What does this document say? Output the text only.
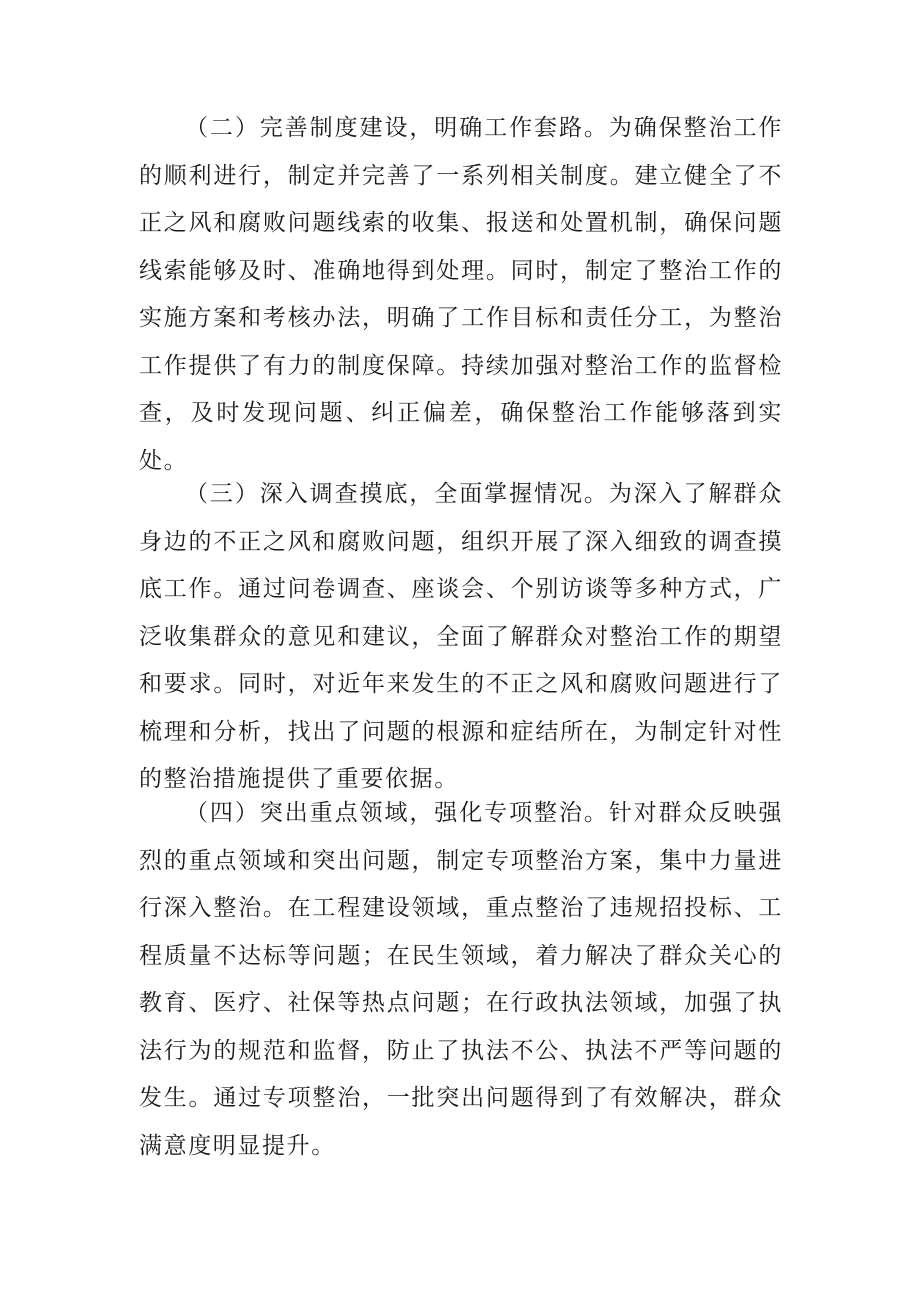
（二）完善制度建设，明确工作套路。为确保整治工作的顺利进行，制定并完善了一系列相关制度。建立健全了不正之风和腐败问题线索的收集、报送和处置机制，确保问题线索能够及时、准确地得到处理。同时，制定了整治工作的实施方案和考核办法，明确了工作目标和责任分工，为整治工作提供了有力的制度保障。持续加强对整治工作的监督检查，及时发现问题、纠正偏差，确保整治工作能够落到实处。

（三）深入调查摸底，全面掌握情况。为深入了解群众身边的不正之风和腐败问题，组织开展了深入细致的调查摸底工作。通过问卷调查、座谈会、个别访谈等多种方式，广泛收集群众的意见和建议，全面了解群众对整治工作的期望和要求。同时，对近年来发生的不正之风和腐败问题进行了梳理和分析，找出了问题的根源和症结所在，为制定针对性的整治措施提供了重要依据。

（四）突出重点领域，强化专项整治。针对群众反映强烈的重点领域和突出问题，制定专项整治方案，集中力量进行深入整治。在工程建设领域，重点整治了违规招投标、工程质量不达标等问题；在民生领域，着力解决了群众关心的教育、医疗、社保等热点问题；在行政执法领域，加强了执法行为的规范和监督，防止了执法不公、执法不严等问题的发生。通过专项整治，一批突出问题得到了有效解决，群众满意度明显提升。
